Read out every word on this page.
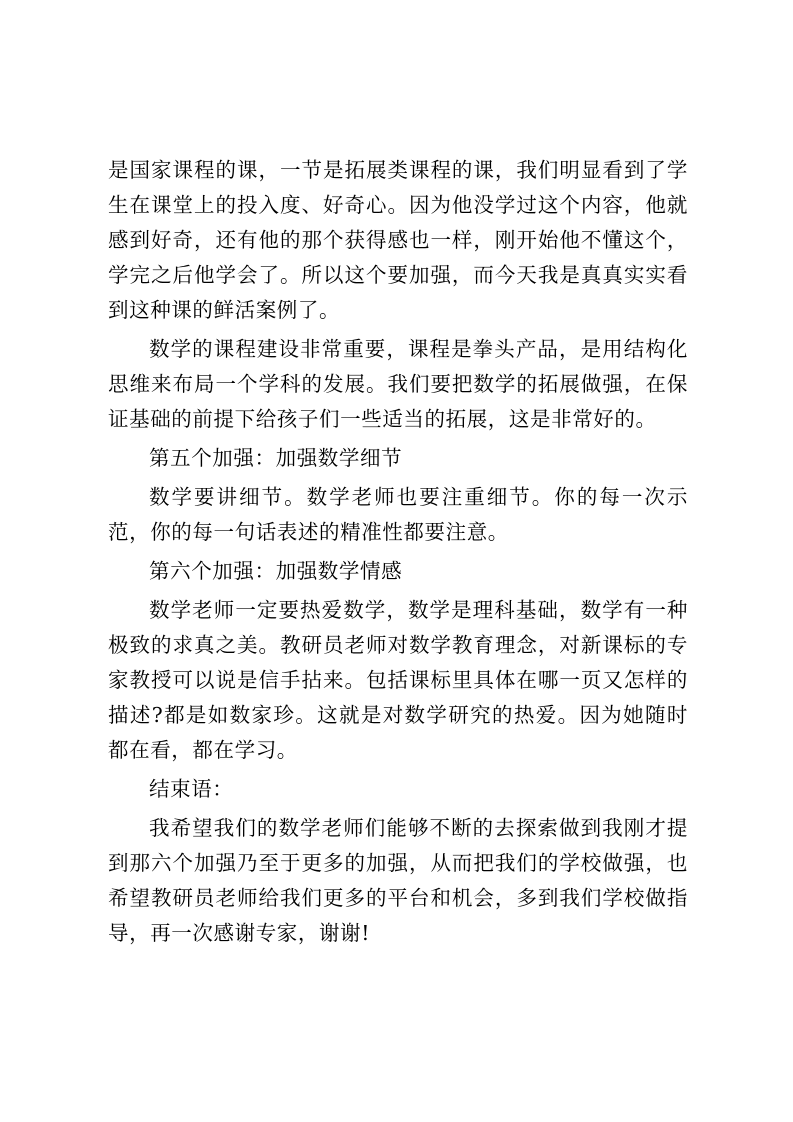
是国家课程的课，一节是拓展类课程的课，我们明显看到了学生在课堂上的投入度、好奇心。因为他没学过这个内容，他就感到好奇，还有他的那个获得感也一样，刚开始他不懂这个，学完之后他学会了。所以这个要加强，而今天我是真真实实看到这种课的鲜活案例了。

数学的课程建设非常重要，课程是拳头产品，是用结构化思维来布局一个学科的发展。我们要把数学的拓展做强，在保证基础的前提下给孩子们一些适当的拓展，这是非常好的。

第五个加强：加强数学细节

数学要讲细节。数学老师也要注重细节。你的每一次示范，你的每一句话表述的精准性都要注意。

第六个加强：加强数学情感

数学老师一定要热爱数学，数学是理科基础，数学有一种极致的求真之美。教研员老师对数学教育理念，对新课标的专家教授可以说是信手拈来。包括课标里具体在哪一页又怎样的描述?都是如数家珍。这就是对数学研究的热爱。因为她随时都在看，都在学习。

结束语：

我希望我们的数学老师们能够不断的去探索做到我刚才提到那六个加强乃至于更多的加强，从而把我们的学校做强，也希望教研员老师给我们更多的平台和机会，多到我们学校做指导，再一次感谢专家，谢谢!
